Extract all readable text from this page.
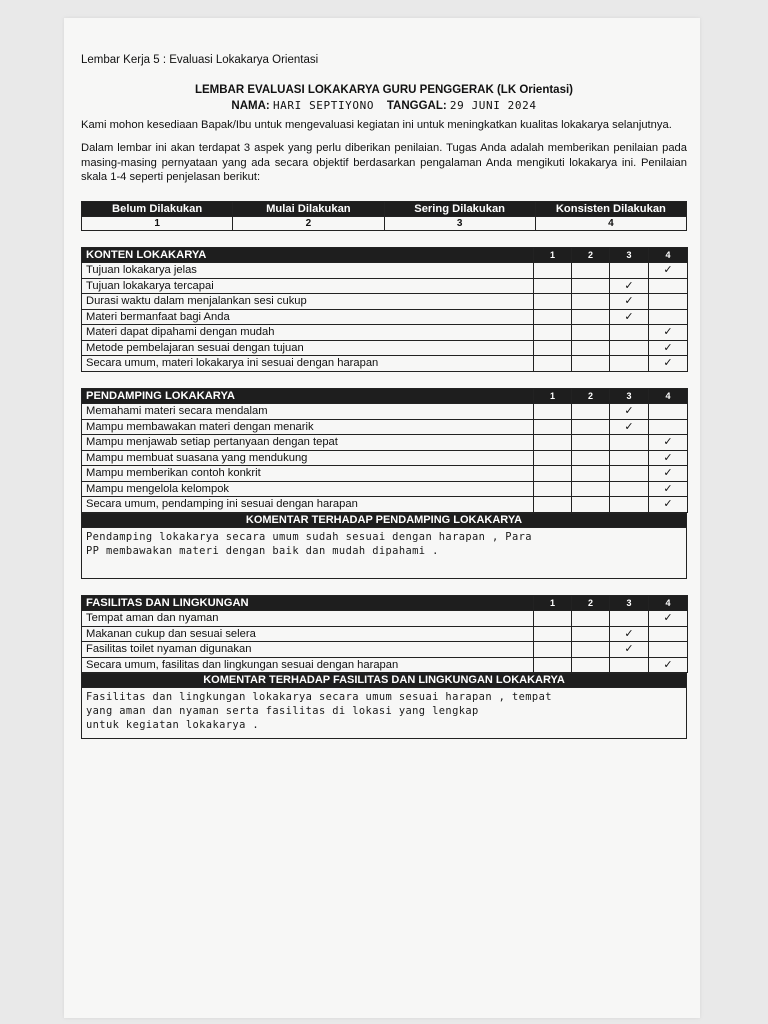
Lembar Kerja 5 : Evaluasi Lokakarya Orientasi
LEMBAR EVALUASI LOKAKARYA GURU PENGGERAK (LK Orientasi)
NAMA: HARI SEPTIYONO TANGGAL: 29 JUNI 2024
Kami mohon kesediaan Bapak/Ibu untuk mengevaluasi kegiatan ini untuk meningkatkan kualitas lokakarya selanjutnya.
Dalam lembar ini akan terdapat 3 aspek yang perlu diberikan penilaian. Tugas Anda adalah memberikan penilaian pada masing-masing pernyataan yang ada secara objektif berdasarkan pengalaman Anda mengikuti lokakarya ini. Penilaian skala 1-4 seperti penjelasan berikut:
Belum Dilakukan	Mulai Dilakukan	Sering Dilakukan	Konsisten Dilakukan
1	2	3	4
KONTEN LOKAKARYA	1	2	3	4
Tujuan lokakarya jelas				✓
Tujuan lokakarya tercapai			✓	
Durasi waktu dalam menjalankan sesi cukup			✓	
Materi bermanfaat bagi Anda			✓	
Materi dapat dipahami dengan mudah				✓
Metode pembelajaran sesuai dengan tujuan				✓
Secara umum, materi lokakarya ini sesuai dengan harapan				✓
PENDAMPING LOKAKARYA	1	2	3	4
Memahami materi secara mendalam			✓	
Mampu membawakan materi dengan menarik			✓	
Mampu menjawab setiap pertanyaan dengan tepat				✓
Mampu membuat suasana yang mendukung				✓
Mampu memberikan contoh konkrit				✓
Mampu mengelola kelompok				✓
Secara umum, pendamping ini sesuai dengan harapan				✓
KOMENTAR TERHADAP PENDAMPING LOKAKARYA
Pendamping lokakarya secara umum sudah sesuai dengan harapan , Para
PP membawakan materi dengan baik dan mudah dipahami .
FASILITAS DAN LINGKUNGAN	1	2	3	4
Tempat aman dan nyaman				✓
Makanan cukup dan sesuai selera			✓	
Fasilitas toilet nyaman digunakan			✓	
Secara umum, fasilitas dan lingkungan sesuai dengan harapan				✓
KOMENTAR TERHADAP FASILITAS DAN LINGKUNGAN LOKAKARYA
Fasilitas dan lingkungan lokakarya secara umum sesuai harapan , tempat
yang aman dan nyaman serta fasilitas di lokasi yang lengkap
untuk kegiatan lokakarya .
